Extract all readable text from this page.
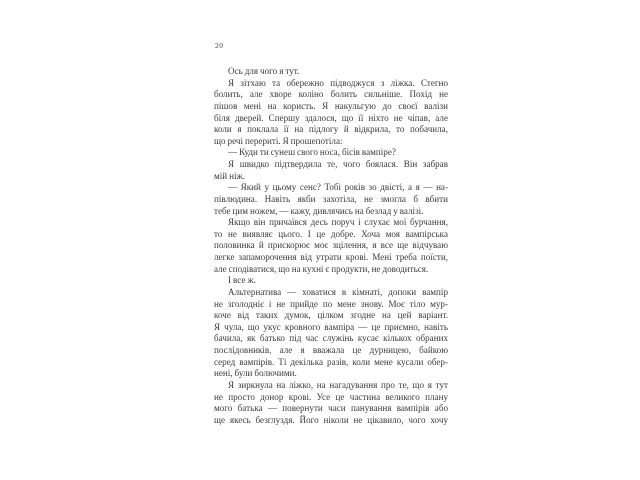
20
Ось для чого я тут.
Я зітхаю та обережно підводжуся з ліжка. Стегно
болить, але хворе коліно болить сильніше. Похід не
пішов мені на користь. Я накульгую до своєї валізи
біля дверей. Спершу здалося, що її ніхто не чіпав, але
коли я поклала її на підлогу й відкрила, то побачила,
що речі перериті. Я прошепотіла:
— Куди ти сунеш свого носа, бісів вампіре?
Я швидко підтвердила те, чого боялася. Він забрав
мій ніж.
— Який у цьому сенс? Тобі років зо двісті, а я — на-
півлюдина. Навіть якби захотіла, не змогла б вбити
тебе цим ножем, — кажу, дивлячись на безлад у валізі.
Якщо він причаївся десь поруч і слухає мої бурчання,
то не виявляє цього. І це добре. Хоча моя вампірська
половинка й прискорює моє зцілення, я все ще відчуваю
легке запаморочення від утрати крові. Мені треба поїсти,
але сподіватися, що на кухні є продукти, не доводиться.
І все ж.
Альтернатива — ховатися в кімнаті, допоки вампір
не зголодніє і не прийде по мене знову. Моє тіло мур-
коче від таких думок, цілком згодне на цей варіант.
Я чула, що укус кровного вампіра — це приємно, навіть
бачила, як батько під час служінь кусає кількох обраних
послідовників, але я вважала це дурницею, байкою
серед вампірів. Ті декілька разів, коли мене кусали обер-
нені, були болючими.
Я зиркнула на ліжко, на нагадування про те, що я тут
не просто донор крові. Усе це частина великого плану
мого батька — повернути часи панування вампірів або
ще якесь безглуздя. Його ніколи не цікавило, чого хочу
